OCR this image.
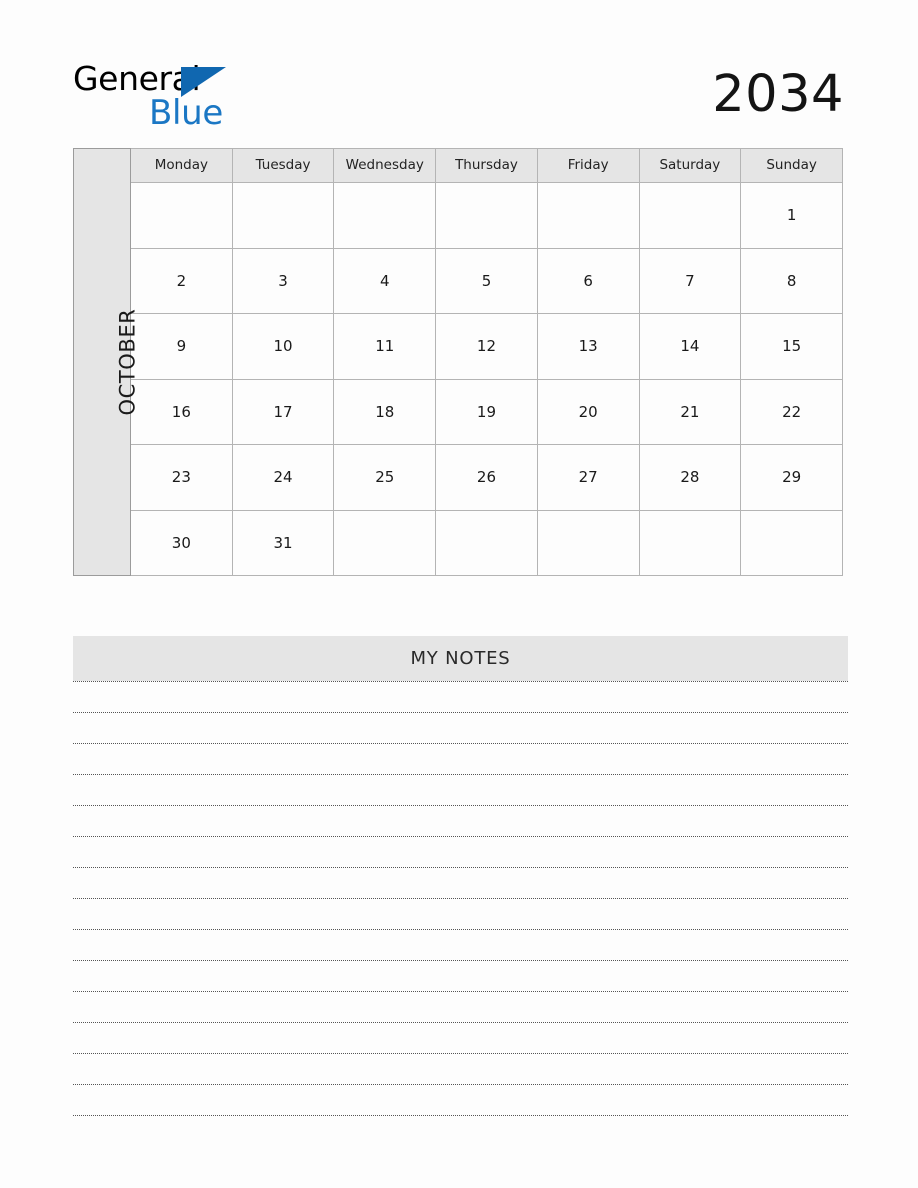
General
Blue	2034
OCTOBER	Monday	Tuesday	Wednesday	Thursday	Friday	Saturday	Sunday
							1
	2	3	4	5	6	7	8
	9	10	11	12	13	14	15
	16	17	18	19	20	21	22
	23	24	25	26	27	28	29
	30	31					
MY NOTES
